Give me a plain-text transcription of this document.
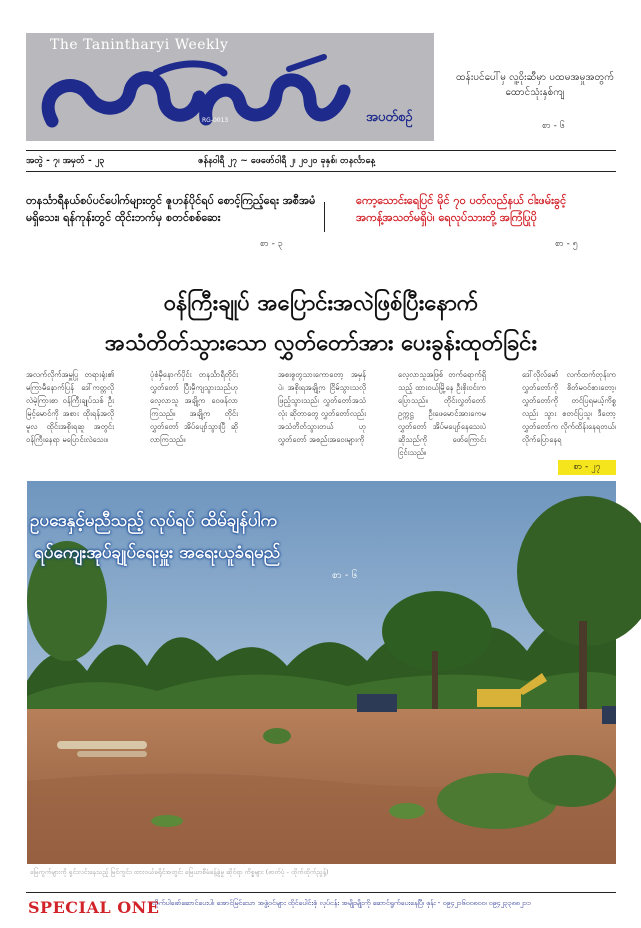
The Tanintharyi Weekly
RG-0013	အပတ်စဉ်
ထန်းပင်ပေါ်မှ လူ့ဝိုးဆီမှာ ပထမအမှုအတွက် ထောင်သုံးနှစ်ကျ
စာ - ၆
အတွဲ - ၇၊ အမှတ် - ၂၃	ဇန်နဝါရီ ၂၇ ~ ဖေဖော်ဝါရီ ၂၊ ၂၀၂၀ ခုနှစ်၊ တနင်္လာနေ့
တနင်္သာရီနယ်စပ်ပင်ပေါက်များတွင် ဇူဟန်ပိုင်ရပ် စောင့်ကြည့်ရေး အစီအမံမရှိသေး၊ ရန်ကုန်းတွင် ထိုင်းဘက်မှ စတင်စစ်ဆေး
စာ - ၃
ကော့သောင်းရေပြင် မိုင် ၇၀ ပတ်လည်နယ် ငါးဖမ်းခွင့် အကန့်အသတ်မရှိပဲ၊ ရေလုပ်သားတို့ အကြံပြုပို
စာ - ၅
ဝန်ကြီးချုပ် အပြောင်းအလဲဖြစ်ပြီးနောက်
အသံတိတ်သွားသော လွှတ်တော်အား ပေးခွန်းထုတ်ခြင်း
အလက်လိုက်အမှူပြု တရားရုံး၏ မကြာမီနောက်ပြန် ဒေါ်ကတ္တလိုလဲမဲ့ကြားစာ ဝန်ကြီးချုပ်သစ် ဦးမြင့်မောင်ကို အစား ထိုးရန်အလို မူလ ထိုင်းအစိုးရဆူ အတွင်း ဝန်ကြီးနေရာ မပြောင်းလဲသေး။
ပုံစံမှီနောက်ပိုင်း တနင်္သာရီတိုင်းလွှတ်တော် ပြီးမှီကျသွားသည်ဟု လေ့လာသူ အချို့က ဝေဖန်လာကြသည်။ အချို့က တိုင်းလွှတ်တော် အိပ်ပျော်သွားပြီ ဆိုလာကြသည်။
အစးစွတွသားကောတော့ အမှန်ပဲ၊ အစိုးရအချို့က ငြိမ်သွားသလို ဖြည့်သွားသည်၊ လွှတ်တော်အသံလုံး ဆိုတာတွေ လွှတ်တော်လည်း အသံတိတ်သွားတယ် ဟု လွှတ်တော် အစည်းအဝေးများကို
လေ့လာသူအဖြစ် တက်ရောက်ရှိသည့် ထားဝယ်မြို့နေ ဦးစိုးဝင်းက ပြောသည်။ တိုင်းလွှတ်တော်ဥက္ကဋ္ဌ ဦးဖေမောင်အားကေမ လွှတ်တော် အိပ်မပျော်နေသေးပဲ ဆိုသည်ကို ဖော်ကြောင်း ငြင်းသည်။
ဒေါ်လိုလ်မော် လက်ထက်တုန်းက လွှတ်တော်ကို စိတ်မဝင်စားတော့၊ လွှတ်တော်ကို တင်ပြရမယ့်ကိစ္စလည်း သွား စတင်ပြသူ၊ ဒီတော့ လွှတ်တော်က လိုက်ထိန်းနေရတယ်၊ လိုက်ပြောနေရ
စာ - ၂၇
ဥပဒေနှင့်မညီသည့် လုပ်ရပ် ထိမ်ချန်ပါက
ရပ်ကျေးအုပ်ချုပ်ရေးမှူး အရေးယူခံရမည်
စာ - ၆
မြေကွက်များကို ရှင်းလင်းနေသည့် မြင်ကွင်း၊ ထားဝယ်ခရိုင်အတွင်း မြေယာစီမံခန့်ခွဲမှု ဆိုင်ရာ ကိစ္စများ (ဓာတ်ပုံ - ထိုက်ထိုက်ညွန့်)
SPECIAL ONE
လိုက်ပါဖော်ဆောင်ပေးပါ၊ အောင်မြင်သော အဖွဲ့ဝင်များ ထိုင်ပေါင်းစုံ လုပ်ငန်း အမျိုးမျိုးကို ဆောင်ရွက်ပေးနေပြီ၊ ဖုန်း - ၀၉၄၂၁၆၀၀၈၀၀၊ ၀၉၄၂၃၃၈၈၂၁၁
